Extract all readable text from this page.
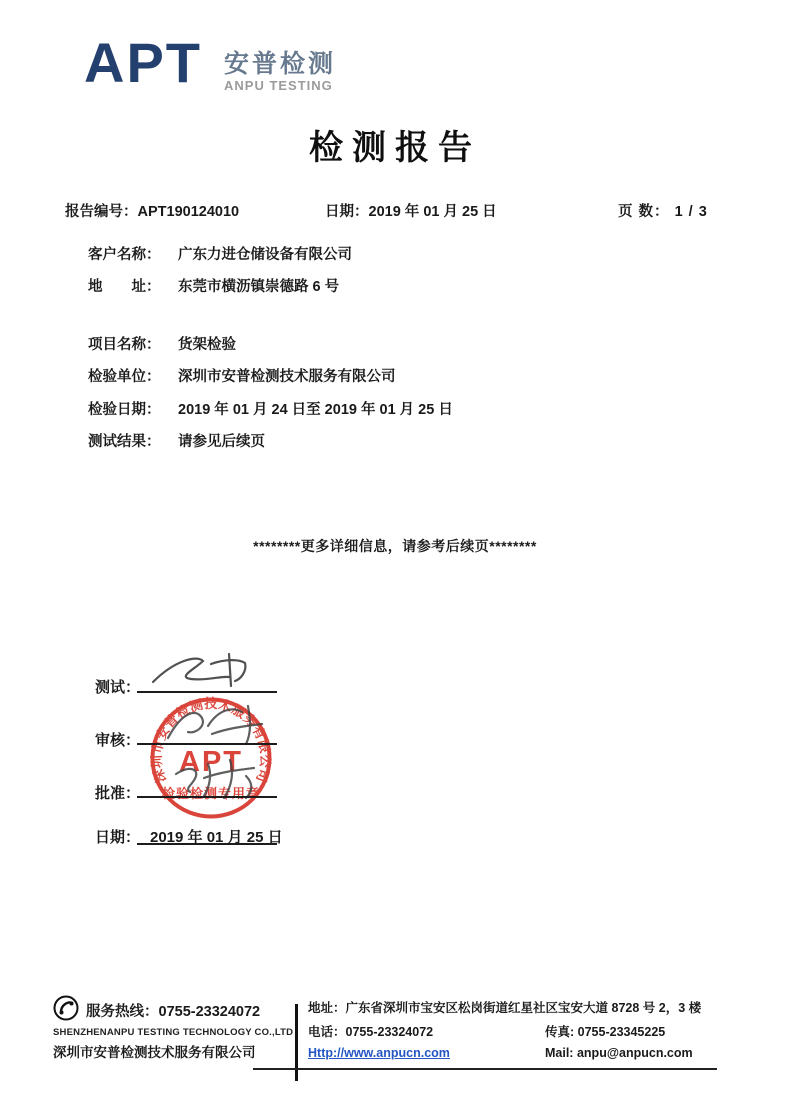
APT 安普检测
ANPU TESTING
检测报告
报告编号：APT190124010	日期：2019 年 01 月 25 日	页 数： 1 / 3
客户名称： 广东力进仓储设备有限公司
地　　址： 东莞市横沥镇崇德路 6 号
项目名称： 货架检验
检验单位： 深圳市安普检测技术服务有限公司
检验日期： 2019 年 01 月 24 日至 2019 年 01 月 25 日
测试结果： 请参见后续页
********更多详细信息，请参考后续页********
深圳市安普检测技术服务有限公司
APT
检验检测专用章
测试：
审核：
批准：
日期： 2019 年 01 月 25 日
服务热线：0755-23324072
SHENZHENANPU TESTING TECHNOLOGY CO.,LTD
深圳市安普检测技术服务有限公司
地址：广东省深圳市宝安区松岗街道红星社区宝安大道 8728 号 2，3 楼
电话：0755-23324072	传真: 0755-23345225
Http://www.anpucn.com	Mail: anpu@anpucn.com
